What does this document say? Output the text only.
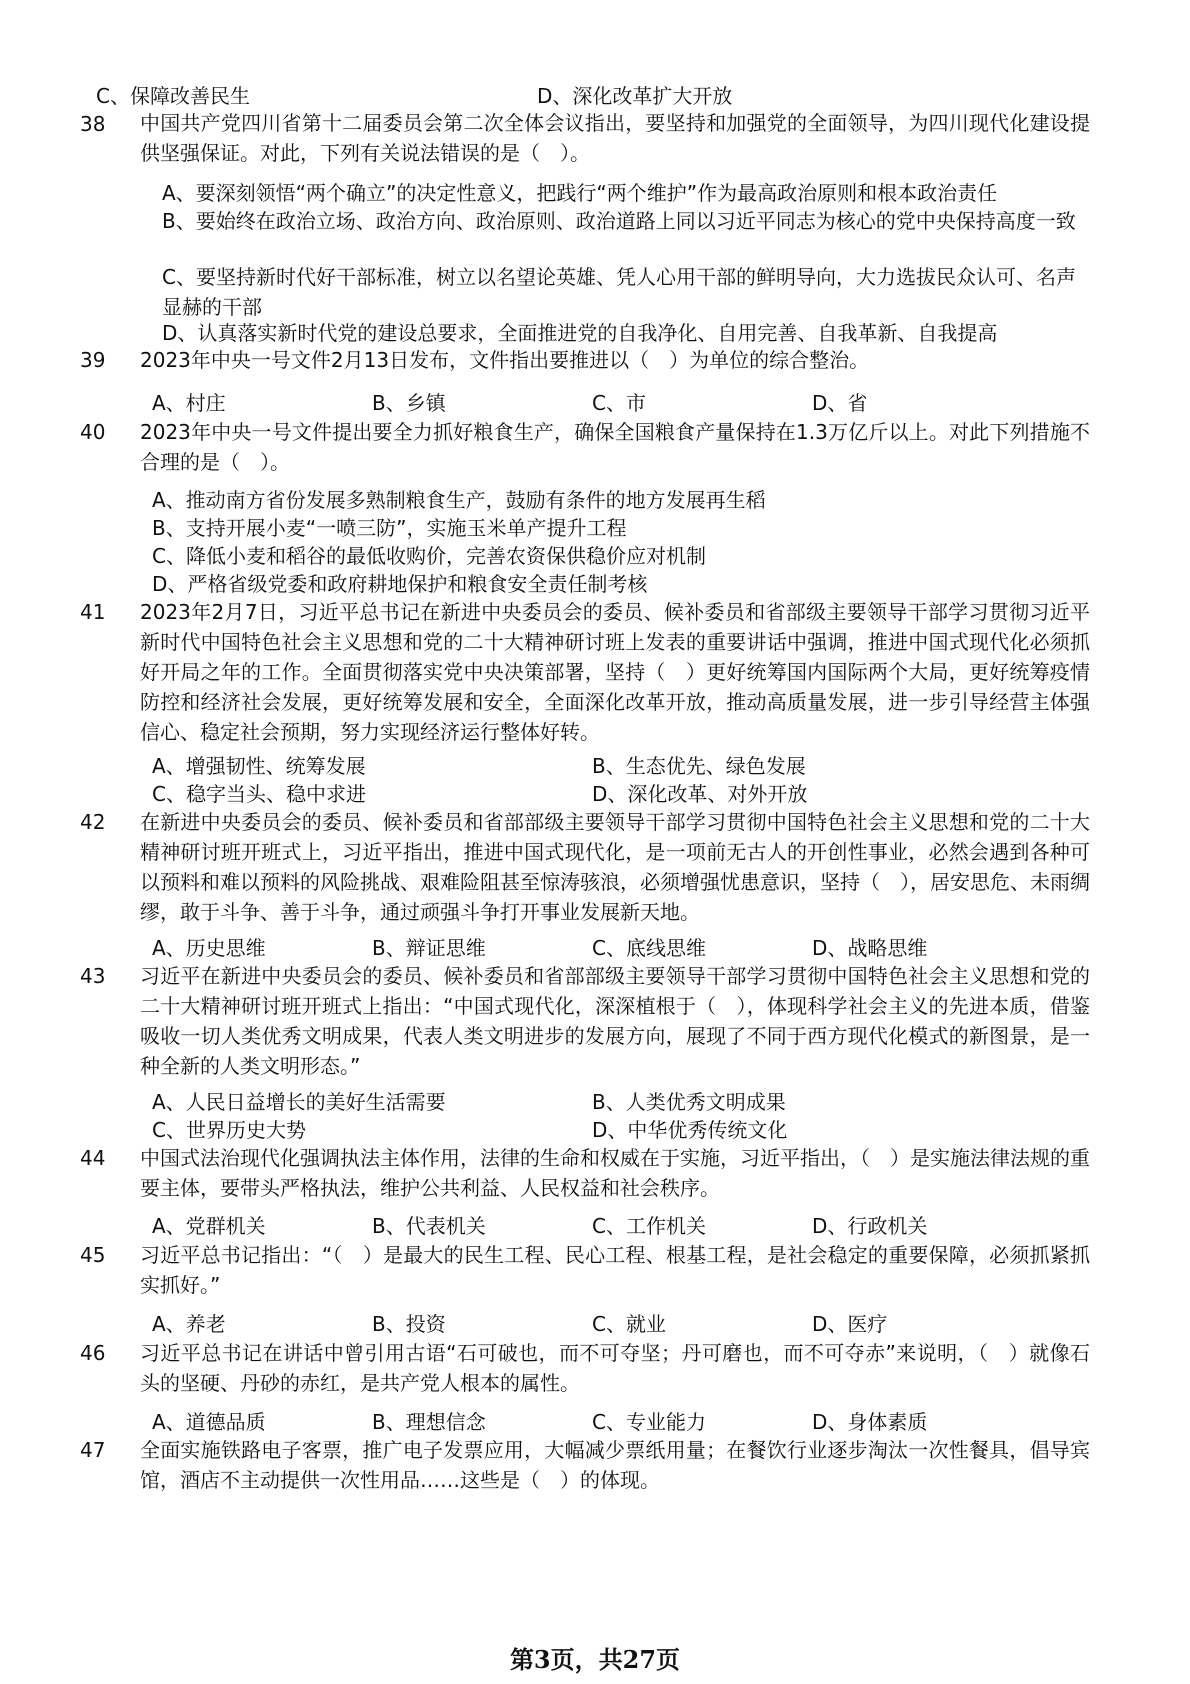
C、保障改善民生	D、深化改革扩大开放
38 中国共产党四川省第十二届委员会第二次全体会议指出，要坚持和加强党的全面领导，为四川现代化建设提供坚强保证。对此，下列有关说法错误的是（　）。
A、要深刻领悟“两个确立”的决定性意义，把践行“两个维护”作为最高政治原则和根本政治责任
B、要始终在政治立场、政治方向、政治原则、政治道路上同以习近平同志为核心的党中央保持高度一致
C、要坚持新时代好干部标准，树立以名望论英雄、凭人心用干部的鲜明导向，大力选拔民众认可、名声显赫的干部
D、认真落实新时代党的建设总要求，全面推进党的自我净化、自用完善、自我革新、自我提高
39 2023年中央一号文件2月13日发布，文件指出要推进以（　）为单位的综合整治。
A、村庄	B、乡镇	C、市	D、省
40 2023年中央一号文件提出要全力抓好粮食生产，确保全国粮食产量保持在1.3万亿斤以上。对此下列措施不合理的是（　）。
A、推动南方省份发展多熟制粮食生产，鼓励有条件的地方发展再生稻
B、支持开展小麦“一喷三防”，实施玉米单产提升工程
C、降低小麦和稻谷的最低收购价，完善农资保供稳价应对机制
D、严格省级党委和政府耕地保护和粮食安全责任制考核
41 2023年2月7日，习近平总书记在新进中央委员会的委员、候补委员和省部级主要领导干部学习贯彻习近平新时代中国特色社会主义思想和党的二十大精神研讨班上发表的重要讲话中强调，推进中国式现代化必须抓好开局之年的工作。全面贯彻落实党中央决策部署，坚持（　）更好统筹国内国际两个大局，更好统筹疫情防控和经济社会发展，更好统筹发展和安全，全面深化改革开放，推动高质量发展，进一步引导经营主体强信心、稳定社会预期，努力实现经济运行整体好转。
A、增强韧性、统筹发展	B、生态优先、绿色发展
C、稳字当头、稳中求进	D、深化改革、对外开放
42 在新进中央委员会的委员、候补委员和省部部级主要领导干部学习贯彻中国特色社会主义思想和党的二十大精神研讨班开班式上，习近平指出，推进中国式现代化，是一项前无古人的开创性事业，必然会遇到各种可以预料和难以预料的风险挑战、艰难险阻甚至惊涛骇浪，必须增强忧患意识，坚持（　），居安思危、未雨绸缪，敢于斗争、善于斗争，通过顽强斗争打开事业发展新天地。
A、历史思维	B、辩证思维	C、底线思维	D、战略思维
43 习近平在新进中央委员会的委员、候补委员和省部部级主要领导干部学习贯彻中国特色社会主义思想和党的二十大精神研讨班开班式上指出：“中国式现代化，深深植根于（　），体现科学社会主义的先进本质，借鉴吸收一切人类优秀文明成果，代表人类文明进步的发展方向，展现了不同于西方现代化模式的新图景，是一种全新的人类文明形态。”
A、人民日益增长的美好生活需要	B、人类优秀文明成果
C、世界历史大势	D、中华优秀传统文化
44 中国式法治现代化强调执法主体作用，法律的生命和权威在于实施，习近平指出，（　）是实施法律法规的重要主体，要带头严格执法，维护公共利益、人民权益和社会秩序。
A、党群机关	B、代表机关	C、工作机关	D、行政机关
45 习近平总书记指出：“（　）是最大的民生工程、民心工程、根基工程，是社会稳定的重要保障，必须抓紧抓实抓好。”
A、养老	B、投资	C、就业	D、医疗
46 习近平总书记在讲话中曾引用古语“石可破也，而不可夺坚；丹可磨也，而不可夺赤”来说明，（　）就像石头的坚硬、丹砂的赤红，是共产党人根本的属性。
A、道德品质	B、理想信念	C、专业能力	D、身体素质
47 全面实施铁路电子客票，推广电子发票应用，大幅减少票纸用量；在餐饮行业逐步淘汰一次性餐具，倡导宾馆，酒店不主动提供一次性用品……这些是（　）的体现。
第3页，共27页
